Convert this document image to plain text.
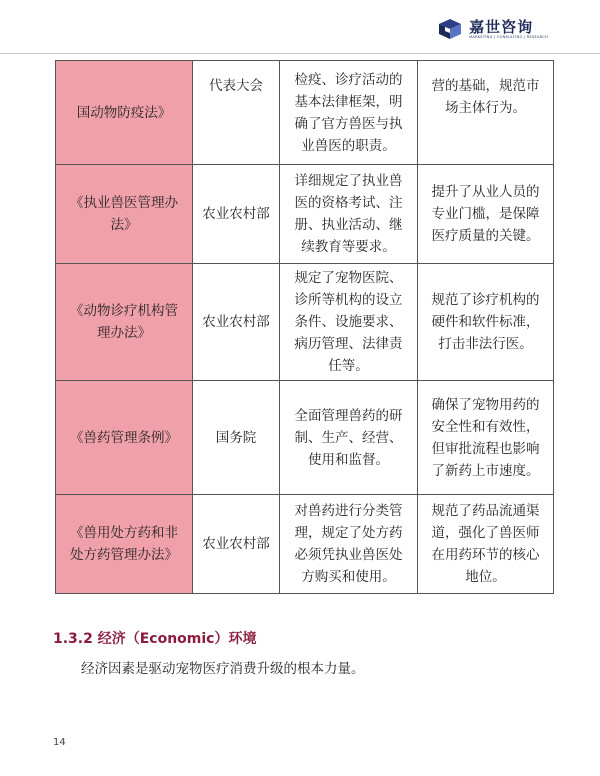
嘉世咨询
MARKETING | CONSULTING | RESEARCH
国动物防疫法》	代表大会	检疫、诊疗活动的基本法律框架，明确了官方兽医与执业兽医的职责。	营的基础，规范市场主体行为。
《执业兽医管理办法》	农业农村部	详细规定了执业兽医的资格考试、注册、执业活动、继续教育等要求。	提升了从业人员的专业门槛，是保障医疗质量的关键。
《动物诊疗机构管理办法》	农业农村部	规定了宠物医院、诊所等机构的设立条件、设施要求、病历管理、法律责任等。	规范了诊疗机构的硬件和软件标准，打击非法行医。
《兽药管理条例》	国务院	全面管理兽药的研制、生产、经营、使用和监督。	确保了宠物用药的安全性和有效性，但审批流程也影响了新药上市速度。
《兽用处方药和非处方药管理办法》	农业农村部	对兽药进行分类管理，规定了处方药必须凭执业兽医处方购买和使用。	规范了药品流通渠道，强化了兽医师在用药环节的核心地位。
1.3.2 经济（Economic）环境

经济因素是驱动宠物医疗消费升级的根本力量。

14
